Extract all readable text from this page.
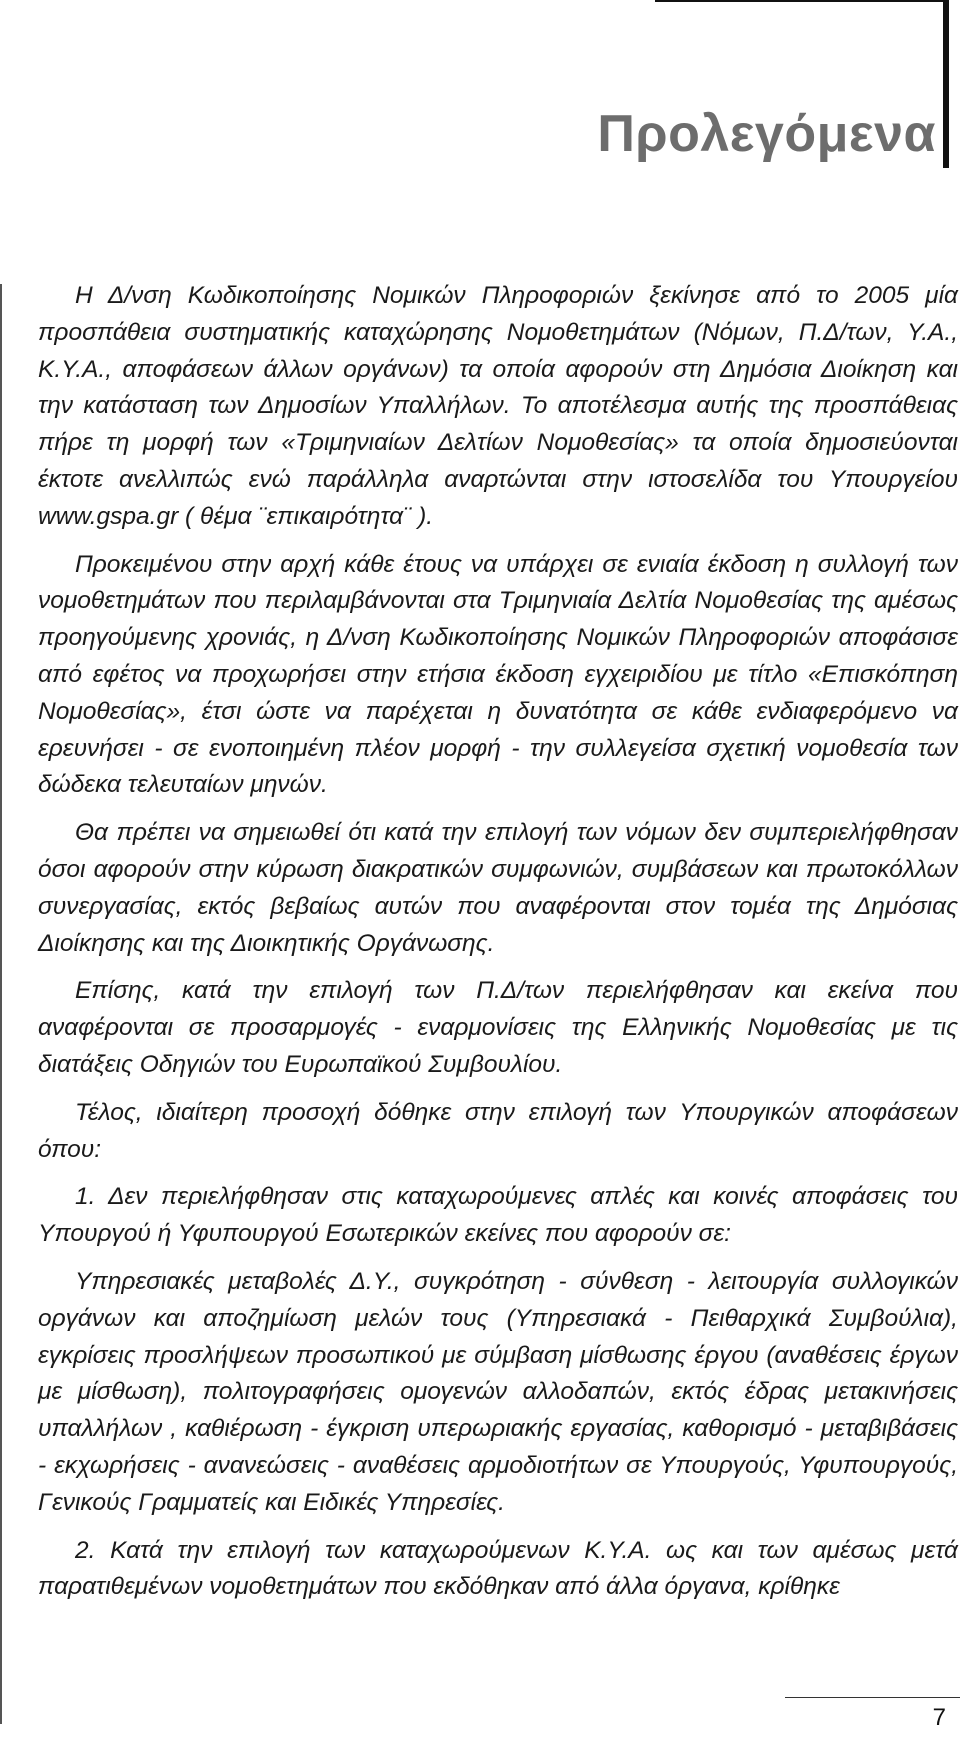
Προλεγόμενα

Η Δ/νση Κωδικοποίησης Νομικών Πληροφοριών ξεκίνησε από το 2005 μία προσπάθεια συστηματικής καταχώρησης Νομοθετημάτων (Νόμων, Π.Δ/των, Υ.Α., Κ.Υ.Α., αποφάσεων άλλων οργάνων) τα οποία αφορούν στη Δημόσια Διοίκηση και την κατάσταση των Δημοσίων Υπαλλήλων. Το αποτέλεσμα αυτής της προσπάθειας πήρε τη μορφή των «Τριμηνιαίων Δελτίων Νομοθεσίας» τα οποία δημοσιεύονται έκτοτε ανελλιπώς ενώ παράλληλα αναρτώνται στην ιστοσελίδα του Υπουργείου www.gspa.gr ( θέμα ¨επικαιρότητα¨ ).

Προκειμένου στην αρχή κάθε έτους να υπάρχει σε ενιαία έκδοση η συλλογή των νομοθετημάτων που περιλαμβάνονται στα Τριμηνιαία Δελτία Νομοθεσίας της αμέσως προηγούμενης χρονιάς, η Δ/νση Κωδικοποίησης Νομικών Πληροφοριών αποφάσισε από εφέτος να προχωρήσει στην ετήσια έκδοση εγχειριδίου με τίτλο «Επισκόπηση Νομοθεσίας», έτσι ώστε να παρέχεται η δυνατότητα σε κάθε ενδιαφερόμενο να ερευνήσει - σε ενοποιημένη πλέον μορφή - την συλλεγείσα σχετική νομοθεσία των δώδεκα τελευταίων μηνών.

Θα πρέπει να σημειωθεί ότι κατά την επιλογή των νόμων δεν συμπεριελήφθησαν όσοι αφορούν στην κύρωση διακρατικών συμφωνιών, συμβάσεων και πρωτοκόλλων συνεργασίας, εκτός βεβαίως αυτών που αναφέρονται στον τομέα της Δημόσιας Διοίκησης και της Διοικητικής Οργάνωσης.

Επίσης, κατά την επιλογή των Π.Δ/των περιελήφθησαν και εκείνα που αναφέρονται σε προσαρμογές - εναρμονίσεις της Ελληνικής Νομοθεσίας με τις διατάξεις Οδηγιών του Ευρωπαϊκού Συμβουλίου.

Τέλος, ιδιαίτερη προσοχή δόθηκε στην επιλογή των Υπουργικών αποφάσεων όπου:

1. Δεν περιελήφθησαν στις καταχωρούμενες απλές και κοινές αποφάσεις του Υπουργού ή Υφυπουργού Εσωτερικών εκείνες που αφορούν σε:

Υπηρεσιακές μεταβολές Δ.Υ., συγκρότηση - σύνθεση - λειτουργία συλλογικών οργάνων και αποζημίωση μελών τους (Υπηρεσιακά - Πειθαρχικά Συμβούλια), εγκρίσεις προσλήψεων προσωπικού με σύμβαση μίσθωσης έργου (αναθέσεις έργων με μίσθωση), πολιτογραφήσεις ομογενών αλλοδαπών, εκτός έδρας μετακινήσεις υπαλλήλων , καθιέρωση - έγκριση υπερωριακής εργασίας, καθορισμό - μεταβιβάσεις - εκχωρήσεις - ανανεώσεις - αναθέσεις αρμοδιοτήτων σε Υπουργούς, Υφυπουργούς, Γενικούς Γραμματείς και Ειδικές Υπηρεσίες.

2. Κατά την επιλογή των καταχωρούμενων Κ.Υ.Α. ως και των αμέσως μετά παρατιθεμένων νομοθετημάτων που εκδόθηκαν από άλλα όργανα, κρίθηκε

7
